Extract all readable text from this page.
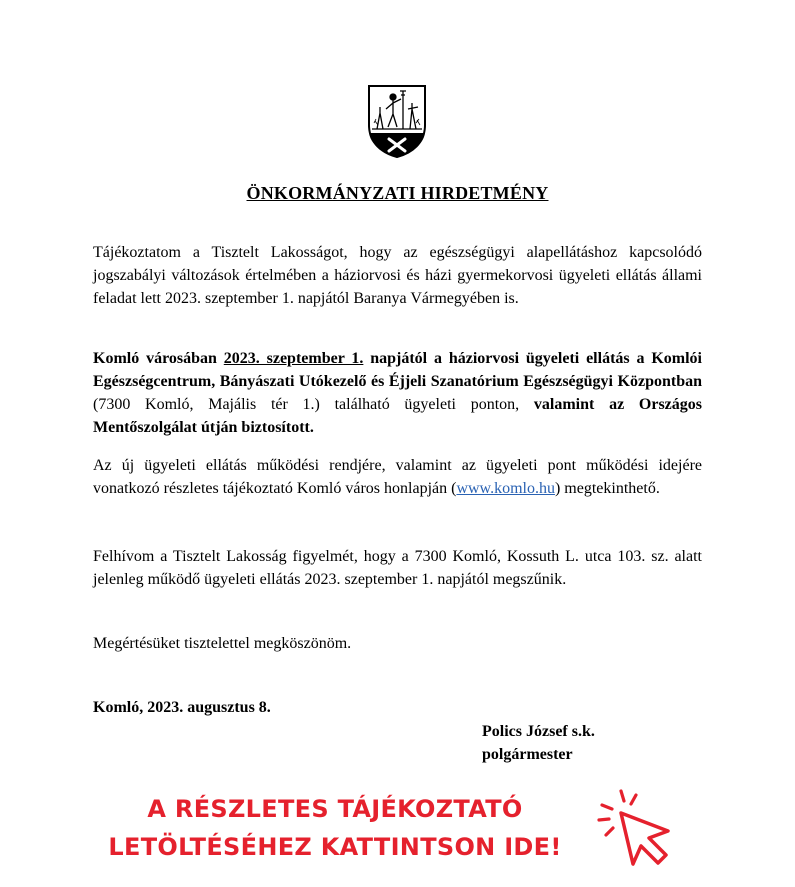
ÖNKORMÁNYZATI HIRDETMÉNY

Tájékoztatom a Tisztelt Lakosságot, hogy az egészségügyi alapellátáshoz kapcsolódó jogszabályi változások értelmében a háziorvosi és házi gyermekorvosi ügyeleti ellátás állami feladat lett 2023. szeptember 1. napjától Baranya Vármegyében is.

Komló városában 2023. szeptember 1. napjától a háziorvosi ügyeleti ellátás a Komlói Egészségcentrum, Bányászati Utókezelő és Éjjeli Szanatórium Egészségügyi Központban (7300 Komló, Majális tér 1.) található ügyeleti ponton, valamint az Országos Mentőszolgálat útján biztosított.

Az új ügyeleti ellátás működési rendjére, valamint az ügyeleti pont működési idejére vonatkozó részletes tájékoztató Komló város honlapján (www.komlo.hu) megtekinthető.

Felhívom a Tisztelt Lakosság figyelmét, hogy a 7300 Komló, Kossuth L. utca 103. sz. alatt jelenleg működő ügyeleti ellátás 2023. szeptember 1. napjától megszűnik.

Megértésüket tisztelettel megköszönöm.

Komló, 2023. augusztus 8.
Polics József s.k.
polgármester
A RÉSZLETES TÁJÉKOZTATÓ
LETÖLTÉSÉHEZ KATTINTSON IDE!
